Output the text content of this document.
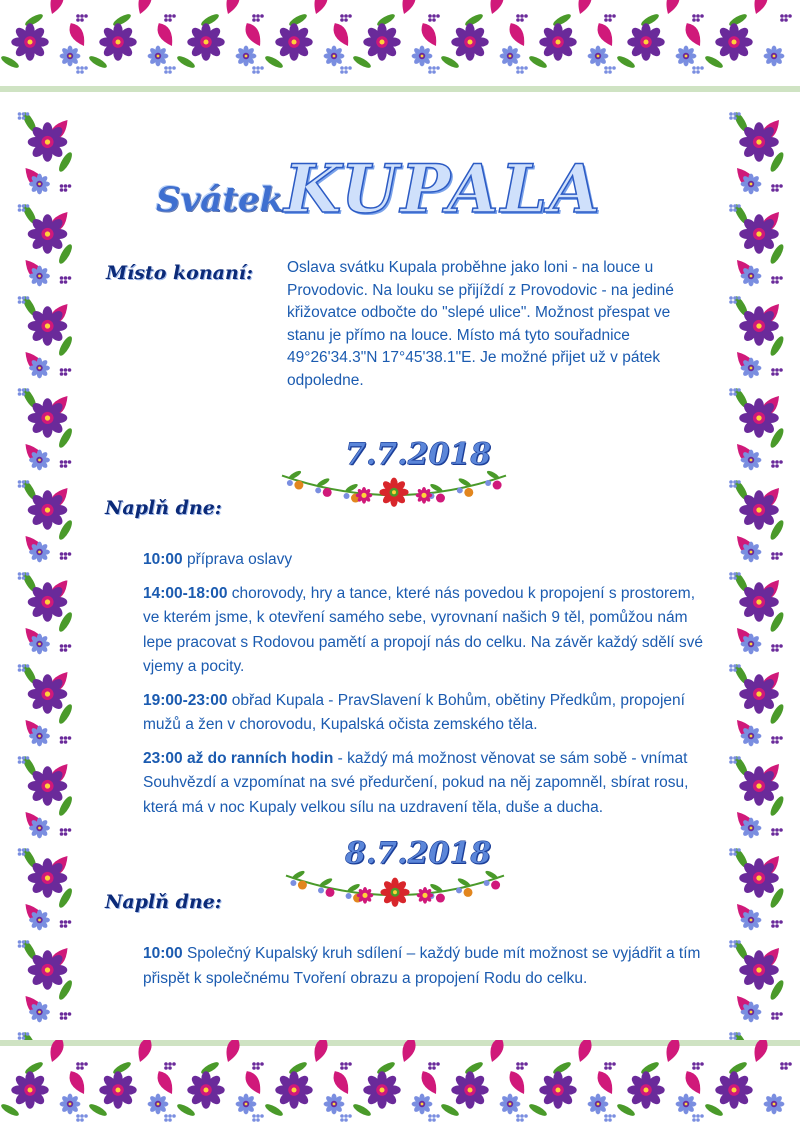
Svátek KUPALA
Místo konaní: Oslava svátku Kupala proběhne jako loni - na louce u Provodovic. Na louku se přijíždí z Provodovic - na jediné křižovatce odbočte do "slepé ulice". Možnost přespat ve stanu je přímo na louce. Místo má tyto souřadnice 49°26'34.3"N 17°45'38.1"E. Je možné přijet už v pátek odpoledne.
7.7.2018
Naplň dne:

10:00 příprava oslavy

14:00-18:00 chorovody, hry a tance, které nás povedou k propojení s prostorem, ve kterém jsme, k otevření samého sebe, vyrovnaní našich 9 těl, pomůžou nám lepe pracovat s Rodovou pamětí a propojí nás do celku. Na závěr každý sdělí své vjemy a pocity.

19:00-23:00 obřad Kupala - PravSlavení k Bohům, obětiny Předkům, propojení mužů a žen v chorovodu, Kupalská očista zemského těla.

23:00 až do ranních hodin - každý má možnost věnovat se sám sobě - vnímat Souhvězdí a vzpomínat na své předurčení, pokud na něj zapomněl, sbírat rosu, která má v noc Kupaly velkou sílu na uzdravení těla, duše a ducha.

8.7.2018
Naplň dne:

10:00 Společný Kupalský kruh sdílení – každý bude mít možnost se vyjádřit a tím přispět k společnému Tvoření obrazu a propojení Rodu do celku.
